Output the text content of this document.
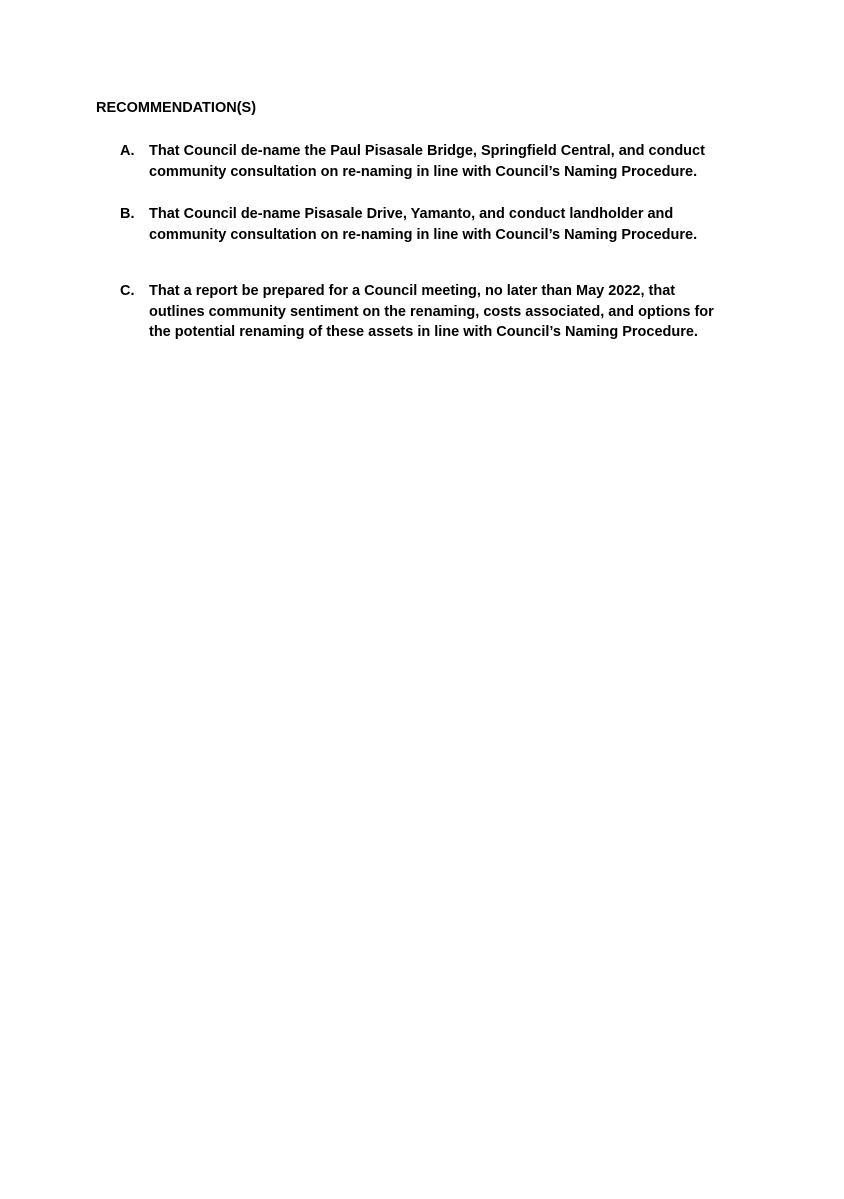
RECOMMENDATION(S)
A.	That Council de-name the Paul Pisasale Bridge, Springfield Central, and conduct
community consultation on re-naming in line with Council’s Naming Procedure.
B.	That Council de-name Pisasale Drive, Yamanto, and conduct landholder and
community consultation on re-naming in line with Council’s Naming Procedure.
C.	That a report be prepared for a Council meeting, no later than May 2022, that
outlines community sentiment on the renaming, costs associated, and options for
the potential renaming of these assets in line with Council’s Naming Procedure.
